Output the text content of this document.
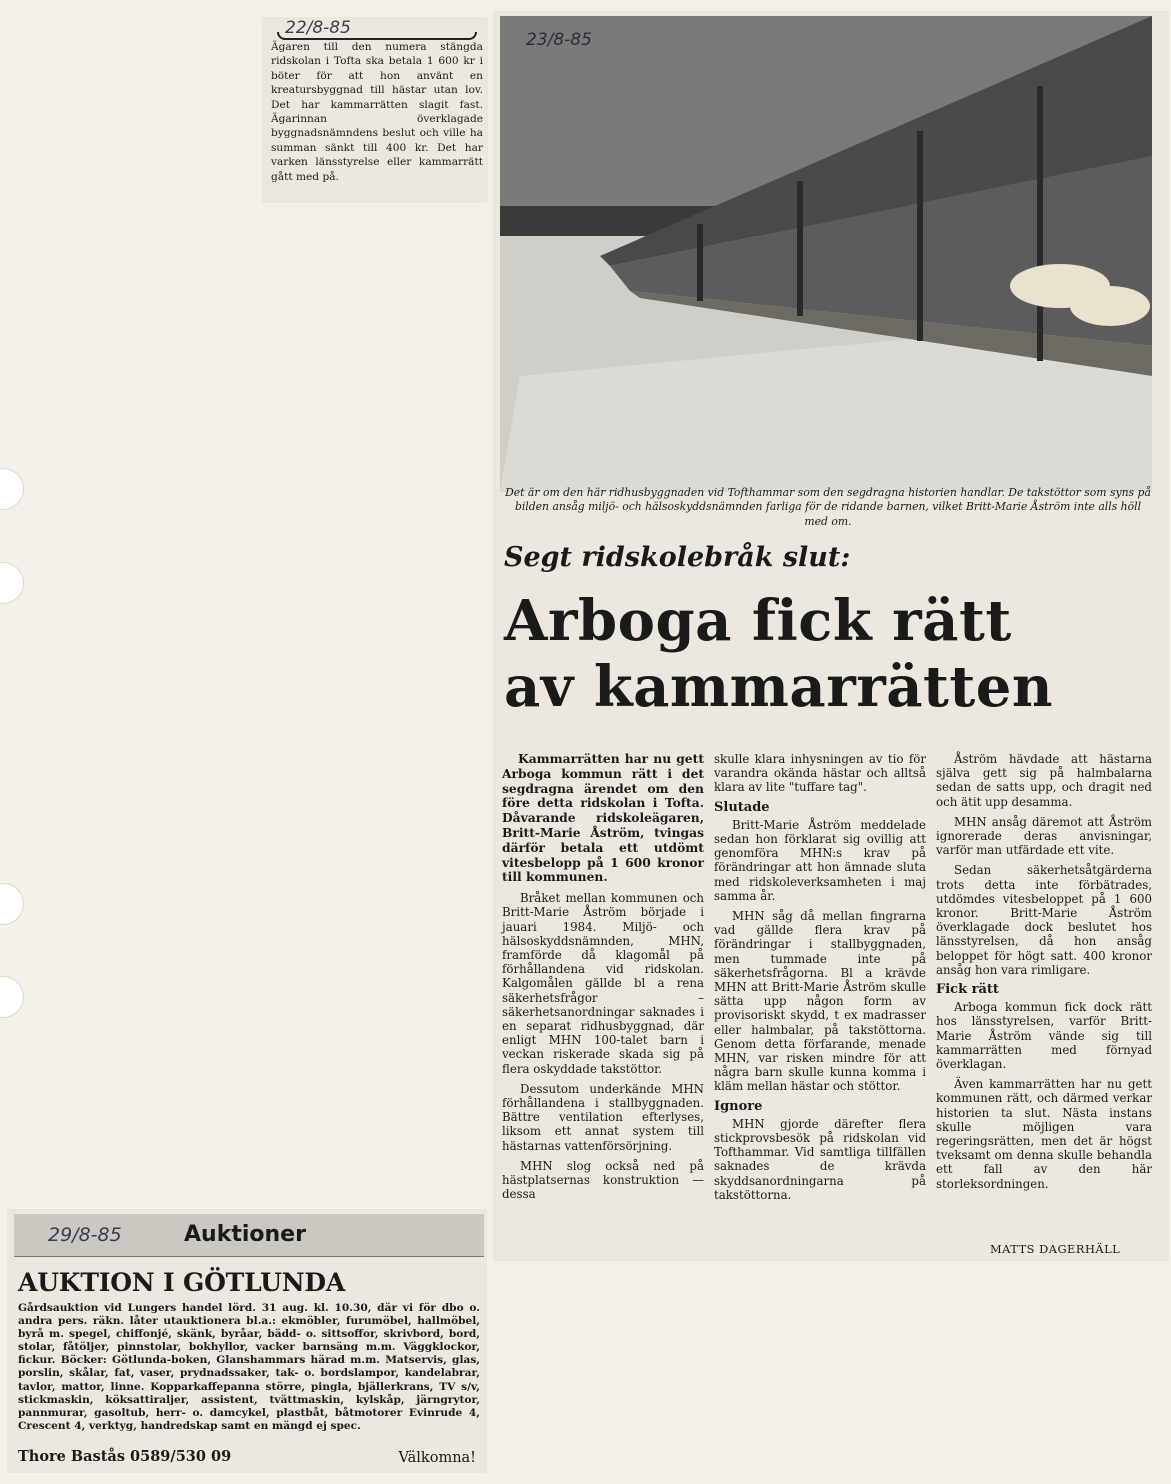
22/8-85
Ägaren till den numera stängda ridskolan i Tofta ska betala 1 600 kr i böter för att hon använt en kreatursbyggnad till hästar utan lov. Det har kammarrätten slagit fast. Ägarinnan överklagade byggnadsnämndens beslut och ville ha summan sänkt till 400 kr. Det har varken länsstyrelse eller kammarrätt gått med på.
23/8-85
Det är om den här ridhusbyggnaden vid Tofthammar som den segdragna historien handlar. De takstöttor som syns på bilden ansåg miljö- och hälsoskyddsnämnden farliga för de ridande barnen, vilket Britt-Marie Åström inte alls höll med om.
Segt ridskolebråk slut:
Arboga fick rätt
av kammarrätten

Kammarrätten har nu gett Arboga kommun rätt i det segdragna ärendet om den före detta ridskolan i Tofta. Dåvarande ridskoleägaren, Britt-Marie Åström, tvingas därför betala ett utdömt vitesbelopp på 1 600 kronor till kommunen.

Bråket mellan kommunen och Britt-Marie Åström började i jauari 1984. Miljö- och hälsoskyddsnämnden, MHN, framförde då klagomål på förhållandena vid ridskolan. Kalgomålen gällde bl a rena säkerhetsfrågor – säkerhetsanordningar saknades i en separat ridhusbyggnad, där enligt MHN 100-talet barn i veckan riskerade skada sig på flera oskyddade takstöttor.

Dessutom underkände MHN förhållandena i stallbyggnaden. Bättre ventilation efterlyses, liksom ett annat system till hästarnas vattenförsörjning.

MHN slog också ned på hästplatsernas konstruktion — dessa

skulle klara inhysningen av tio för varandra okända hästar och alltså klara av lite "tuffare tag".

Slutade

Britt-Marie Åström meddelade sedan hon förklarat sig ovillig att genomföra MHN:s krav på förändringar att hon ämnade sluta med ridskoleverksamheten i maj samma år.

MHN såg då mellan fingrarna vad gällde flera krav på förändringar i stallbyggnaden, men tummade inte på säkerhetsfrågorna. Bl a krävde MHN att Britt-Marie Åström skulle sätta upp någon form av provisoriskt skydd, t ex madrasser eller halmbalar, på takstöttorna. Genom detta förfarande, menade MHN, var risken mindre för att några barn skulle kunna komma i kläm mellan hästar och stöttor.

Ignore

MHN gjorde därefter flera stickprovsbesök på ridskolan vid Tofthammar. Vid samtliga tillfällen saknades de krävda skyddsanordningarna på takstöttorna.

Åström hävdade att hästarna själva gett sig på halmbalarna sedan de satts upp, och dragit ned och ätit upp desamma.

MHN ansåg däremot att Åström ignorerade deras anvisningar, varför man utfärdade ett vite.

Sedan säkerhetsåtgärderna trots detta inte förbätrades, utdömdes vitesbeloppet på 1 600 kronor. Britt-Marie Åström överklagade dock beslutet hos länsstyrelsen, då hon ansåg beloppet för högt satt. 400 kronor ansåg hon vara rimligare.

Fick rätt

Arboga kommun fick dock rätt hos länsstyrelsen, varför Britt-Marie Åström vände sig till kammarrätten med förnyad överklagan.

Även kammarrätten har nu gett kommunen rätt, och därmed verkar historien ta slut. Nästa instans skulle möjligen vara regeringsrätten, men det är högst tveksamt om denna skulle behandla ett fall av den här storleksordningen.

MATTS DAGERHÄLL
29/8-85	Auktioner
AUKTION I GÖTLUNDA
Gårdsauktion vid Lungers handel lörd. 31 aug. kl. 10.30, där vi för dbo o. andra pers. räkn. låter utauktionera bl.a.: ekmöbler, furumöbel, hallmöbel, byrå m. spegel, chiffonjé, skänk, byråar, bädd- o. sittsoffor, skrivbord, bord, stolar, fåtöljer, pinnstolar, bokhyllor, vacker barnsäng m.m. Väggklockor, fickur. Böcker: Götlunda-boken, Glanshammars härad m.m. Matservis, glas, porslin, skålar, fat, vaser, prydnadssaker, tak- o. bordslampor, kandelabrar, tavlor, mattor, linne. Kopparkaffepanna större, pingla, bjällerkrans, TV s/v, stickmaskin, köksattiraljer, assistent, tvättmaskin, kylskåp, järngrytor, pannmurar, gasoltub, herr- o. damcykel, plastbåt, båtmotorer Evinrude 4, Crescent 4, verktyg, handredskap samt en mängd ej spec.
Thore Bastås 0589/530 09	Välkomna!
